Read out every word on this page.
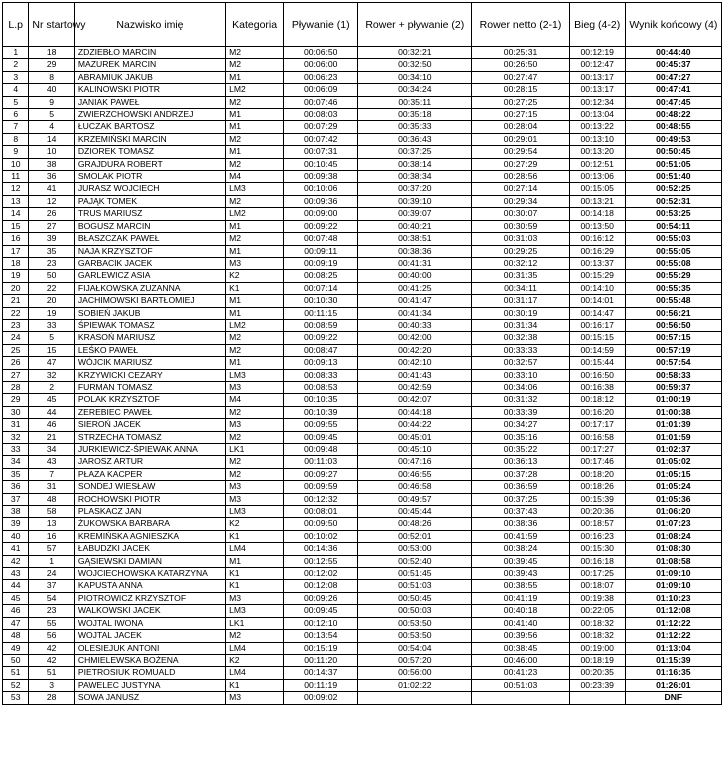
L.p	Nr startowy	Nazwisko imię	Kategoria	Pływanie (1)	Rower + pływanie (2)	Rower netto (2-1)	Bieg (4-2)	Wynik końcowy (4)
1	18	ZDZIEBŁO MARCIN	M2	00:06:50	00:32:21	00:25:31	00:12:19	00:44:40
2	29	MAZUREK MARCIN	M2	00:06:00	00:32:50	00:26:50	00:12:47	00:45:37
3	8	ABRAMIUK JAKUB	M1	00:06:23	00:34:10	00:27:47	00:13:17	00:47:27
4	40	KALINOWSKI PIOTR	LM2	00:06:09	00:34:24	00:28:15	00:13:17	00:47:41
5	9	JANIAK PAWEŁ	M2	00:07:46	00:35:11	00:27:25	00:12:34	00:47:45
6	5	ZWIERZCHOWSKI ANDRZEJ	M1	00:08:03	00:35:18	00:27:15	00:13:04	00:48:22
7	4	ŁUCZAK BARTOSZ	M1	00:07:29	00:35:33	00:28:04	00:13:22	00:48:55
8	14	KRZEMIŃSKI MARCIN	M2	00:07:42	00:36:43	00:29:01	00:13:10	00:49:53
9	10	DZIOREK TOMASZ	M1	00:07:31	00:37:25	00:29:54	00:13:20	00:50:45
10	38	GRAJDURA ROBERT	M2	00:10:45	00:38:14	00:27:29	00:12:51	00:51:05
11	36	SMOLAK PIOTR	M4	00:09:38	00:38:34	00:28:56	00:13:06	00:51:40
12	41	JURASZ WOJCIECH	LM3	00:10:06	00:37:20	00:27:14	00:15:05	00:52:25
13	12	PAJĄK TOMEK	M2	00:09:36	00:39:10	00:29:34	00:13:21	00:52:31
14	26	TRUS MARIUSZ	LM2	00:09:00	00:39:07	00:30:07	00:14:18	00:53:25
15	27	BOGUSZ MARCIN	M1	00:09:22	00:40:21	00:30:59	00:13:50	00:54:11
16	39	BŁASZCZAK PAWEŁ	M2	00:07:48	00:38:51	00:31:03	00:16:12	00:55:03
17	35	NAJA KRZYSZTOF	M1	00:09:11	00:38:36	00:29:25	00:16:29	00:55:05
18	23	GARBACIK JACEK	M3	00:09:19	00:41:31	00:32:12	00:13:37	00:55:08
19	50	GARLEWICZ ASIA	K2	00:08:25	00:40:00	00:31:35	00:15:29	00:55:29
20	22	FIJAŁKOWSKA ZUZANNA	K1	00:07:14	00:41:25	00:34:11	00:14:10	00:55:35
21	20	JACHIMOWSKI BARTŁOMIEJ	M1	00:10:30	00:41:47	00:31:17	00:14:01	00:55:48
22	19	SOBIEŃ JAKUB	M1	00:11:15	00:41:34	00:30:19	00:14:47	00:56:21
23	33	ŚPIEWAK TOMASZ	LM2	00:08:59	00:40:33	00:31:34	00:16:17	00:56:50
24	5	KRASOŃ MARIUSZ	M2	00:09:22	00:42:00	00:32:38	00:15:15	00:57:15
25	15	LEŚKO PAWEŁ	M2	00:08:47	00:42:20	00:33:33	00:14:59	00:57:19
26	47	WÓJCIK MARIUSZ	M1	00:09:13	00:42:10	00:32:57	00:15:44	00:57:54
27	32	KRZYWICKI CEZARY	LM3	00:08:33	00:41:43	00:33:10	00:16:50	00:58:33
28	2	FURMAN TOMASZ	M3	00:08:53	00:42:59	00:34:06	00:16:38	00:59:37
29	45	POLAK KRZYSZTOF	M4	00:10:35	00:42:07	00:31:32	00:18:12	01:00:19
30	44	ZEREBIEC PAWEŁ	M2	00:10:39	00:44:18	00:33:39	00:16:20	01:00:38
31	46	SIEROŃ JACEK	M3	00:09:55	00:44:22	00:34:27	00:17:17	01:01:39
32	21	STRZECHA TOMASZ	M2	00:09:45	00:45:01	00:35:16	00:16:58	01:01:59
33	34	JURKIEWICZ-ŚPIEWAK ANNA	LK1	00:09:48	00:45:10	00:35:22	00:17:27	01:02:37
34	43	JAROSZ ARTUR	M2	00:11:03	00:47:16	00:36:13	00:17:46	01:05:02
35	7	PŁAZA KACPER	M2	00:09:27	00:46:55	00:37:28	00:18:20	01:05:15
36	31	SONDEJ WIESŁAW	M3	00:09:59	00:46:58	00:36:59	00:18:26	01:05:24
37	48	ROCHOWSKI PIOTR	M3	00:12:32	00:49:57	00:37:25	00:15:39	01:05:36
38	58	PLASKACZ JAN	LM3	00:08:01	00:45:44	00:37:43	00:20:36	01:06:20
39	13	ŻUKOWSKA BARBARA	K2	00:09:50	00:48:26	00:38:36	00:18:57	01:07:23
40	16	KREMIŃSKA AGNIESZKA	K1	00:10:02	00:52:01	00:41:59	00:16:23	01:08:24
41	57	ŁABUDZKI JACEK	LM4	00:14:36	00:53:00	00:38:24	00:15:30	01:08:30
42	1	GĄSIEWSKI DAMIAN	M1	00:12:55	00:52:40	00:39:45	00:16:18	01:08:58
43	24	WOJCIECHOWSKA KATARZYNA	K1	00:12:02	00:51:45	00:39:43	00:17:25	01:09:10
44	37	KAPUSTA ANNA	K1	00:12:08	00:51:03	00:38:55	00:18:07	01:09:10
45	54	PIOTROWICZ KRZYSZTOF	M3	00:09:26	00:50:45	00:41:19	00:19:38	01:10:23
46	23	WALKOWSKI JACEK	LM3	00:09:45	00:50:03	00:40:18	00:22:05	01:12:08
47	55	WOJTAL IWONA	LK1	00:12:10	00:53:50	00:41:40	00:18:32	01:12:22
48	56	WOJTAL JACEK	M2	00:13:54	00:53:50	00:39:56	00:18:32	01:12:22
49	42	OLESIEJUK ANTONI	LM4	00:15:19	00:54:04	00:38:45	00:19:00	01:13:04
50	42	CHMIELEWSKA BOŻENA	K2	00:11:20	00:57:20	00:46:00	00:18:19	01:15:39
51	51	PIETROSIUK ROMUALD	LM4	00:14:37	00:56:00	00:41:23	00:20:35	01:16:35
52	3	PAWELEC JUSTYNA	K1	00:11:19	01:02:22	00:51:03	00:23:39	01:26:01
53	28	SOWA JANUSZ	M3	00:09:02				DNF
